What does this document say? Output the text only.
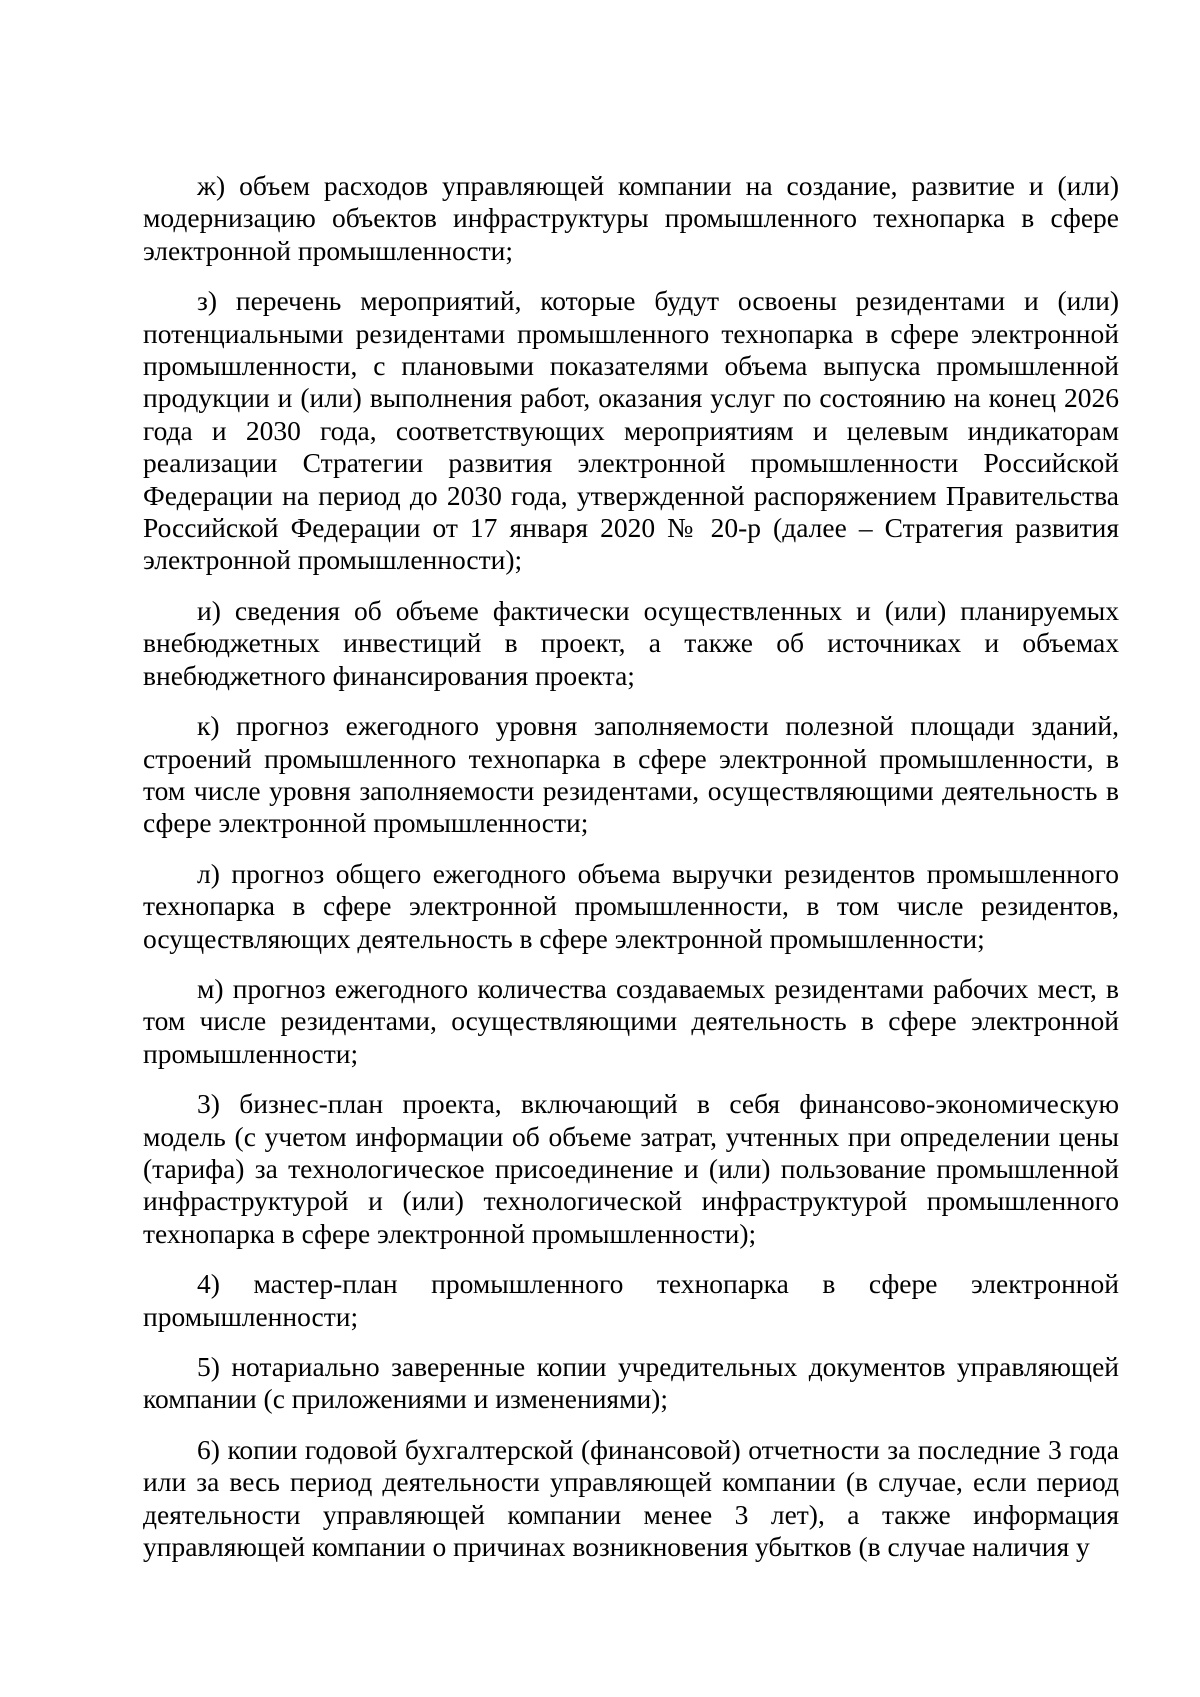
ж) объем расходов управляющей компании на создание, развитие и (или) модернизацию объектов инфраструктуры промышленного технопарка в сфере электронной промышленности;

з) перечень мероприятий, которые будут освоены резидентами и (или) потенциальными резидентами промышленного технопарка в сфере электронной промышленности, с плановыми показателями объема выпуска промышленной продукции и (или) выполнения работ, оказания услуг по состоянию на конец 2026 года и 2030 года, соответствующих мероприятиям и целевым индикаторам реализации Стратегии развития электронной промышленности Российской Федерации на период до 2030 года, утвержденной распоряжением Правительства Российской Федерации от 17 января 2020 № 20-р (далее – Стратегия развития электронной промышленности);

и) сведения об объеме фактически осуществленных и (или) планируемых внебюджетных инвестиций в проект, а также об источниках и объемах внебюджетного финансирования проекта;

к) прогноз ежегодного уровня заполняемости полезной площади зданий, строений промышленного технопарка в сфере электронной промышленности, в том числе уровня заполняемости резидентами, осуществляющими деятельность в сфере электронной промышленности;

л) прогноз общего ежегодного объема выручки резидентов промышленного технопарка в сфере электронной промышленности, в том числе резидентов, осуществляющих деятельность в сфере электронной промышленности;

м) прогноз ежегодного количества создаваемых резидентами рабочих мест, в том числе резидентами, осуществляющими деятельность в сфере электронной промышленности;

3) бизнес-план проекта, включающий в себя финансово-экономическую модель (с учетом информации об объеме затрат, учтенных при определении цены (тарифа) за технологическое присоединение и (или) пользование промышленной инфраструктурой и (или) технологической инфраструктурой промышленного технопарка в сфере электронной промышленности);

4) мастер-план промышленного технопарка в сфере электронной промышленности;

5) нотариально заверенные копии учредительных документов управляющей компании (с приложениями и изменениями);

6) копии годовой бухгалтерской (финансовой) отчетности за последние 3 года или за весь период деятельности управляющей компании (в случае, если период деятельности управляющей компании менее 3 лет), а также информация управляющей компании о причинах возникновения убытков (в случае наличия у
